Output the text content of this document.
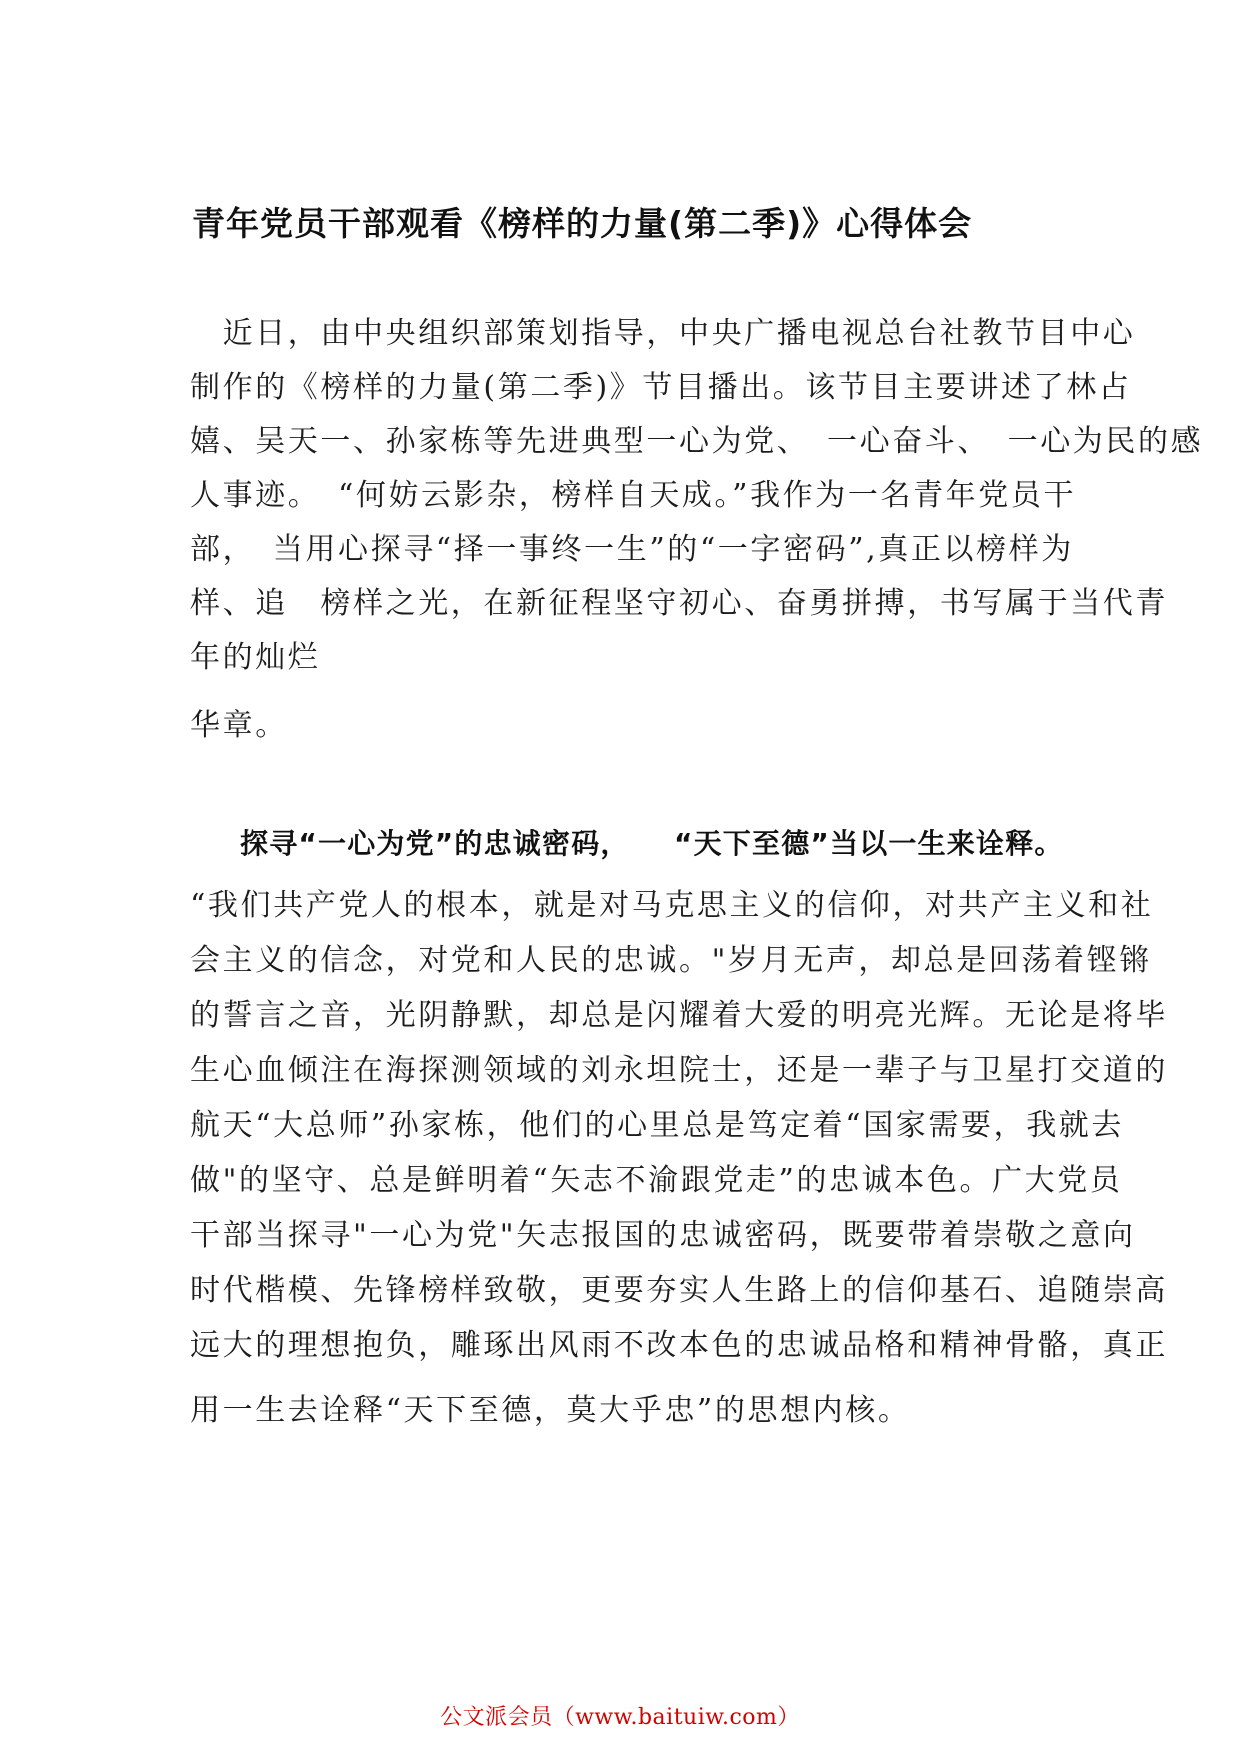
青年党员干部观看《榜样的力量(第二季)》心得体会
　近日，由中央组织部策划指导，中央广播电视总台社教节目中心
制作的《榜样的力量(第二季)》节目播出。该节目主要讲述了林占
嬉、吴天一、孙家栋等先进典型一心为党、　一心奋斗、　一心为民的感
人事迹。　“何妨云影杂，榜样自天成。”我作为一名青年党员干
部，　当用心探寻“择一事终一生”的“一字密码”,真正以榜样为
样、追　榜样之光，在新征程坚守初心、奋勇拼搏，书写属于当代青
年的灿烂
华章。
探寻“一心为党”的忠诚密码，　　“天下至德”当以一生来诠释。
“我们共产党人的根本，就是对马克思主义的信仰，对共产主义和社
会主义的信念，对党和人民的忠诚。"岁月无声，却总是回荡着铿锵
的誓言之音，光阴静默，却总是闪耀着大爱的明亮光辉。无论是将毕
生心血倾注在海探测领域的刘永坦院士，还是一辈子与卫星打交道的
航天“大总师”孙家栋，他们的心里总是笃定着“国家需要，我就去
做"的坚守、总是鲜明着“矢志不渝跟党走”的忠诚本色。广大党员
干部当探寻"一心为党"矢志报国的忠诚密码，既要带着崇敬之意向
时代楷模、先锋榜样致敬，更要夯实人生路上的信仰基石、追随崇高
远大的理想抱负，雕琢出风雨不改本色的忠诚品格和精神骨骼，真正
用一生去诠释“天下至德，莫大乎忠”的思想内核。
公文派会员（www.baituiw.com）
